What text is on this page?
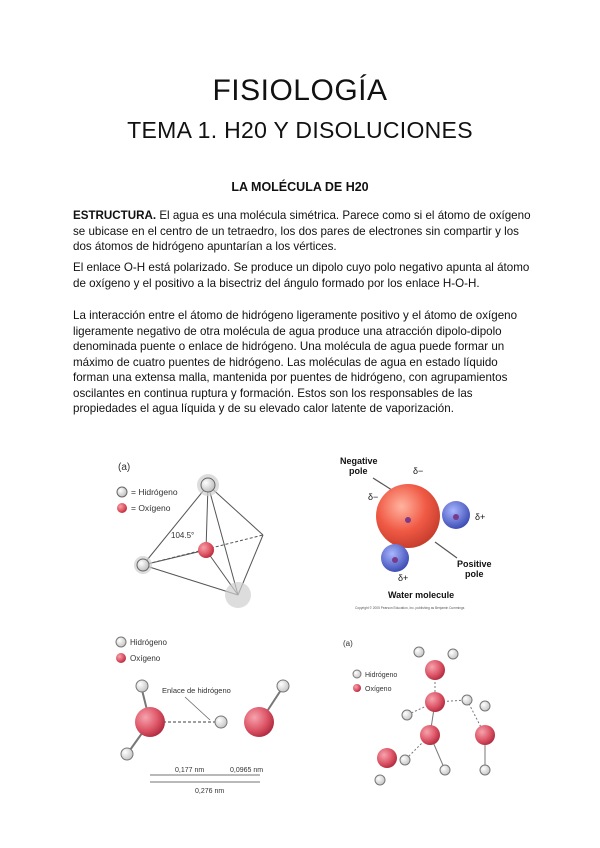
FISIOLOGÍA
TEMA 1. H20 Y DISOLUCIONES
LA MOLÉCULA DE H20

ESTRUCTURA. El agua es una molécula simétrica. Parece como si el átomo de oxígeno se ubicase en el centro de un tetraedro, los dos pares de electrones sin compartir y los dos átomos de hidrógeno apuntarían a los vértices.

El enlace O-H está polarizado. Se produce un dipolo cuyo polo negativo apunta al átomo de oxígeno y el positivo a la bisectriz del ángulo formado por los enlace H-O-H.

La interacción entre el átomo de hidrógeno ligeramente positivo y el átomo de oxígeno ligeramente negativo de otra molécula de agua produce una atracción dipolo-dipolo denominada puente o enlace de hidrógeno. Una molécula de agua puede formar un máximo de cuatro puentes de hidrógeno. Las moléculas de agua en estado líquido forman una extensa malla, mantenida por puentes de hidrógeno, con agrupamientos oscilantes en continua ruptura y formación. Estos son los responsables de las propiedades el agua líquida y de su elevado calor latente de vaporización.

(a)
= Hidrógeno
= Oxígeno
104.5°
Negative
pole	δ−
δ−
δ+
δ+
Positive
pole
Water molecule
Copyright © 2005 Pearson Education, Inc. publishing as Benjamin Cummings
Hidrógeno
Oxígeno
Enlace de hidrógeno
0,177 nm	0,0965 nm
0,276 nm
(a)
Hidrógeno
Oxígeno
